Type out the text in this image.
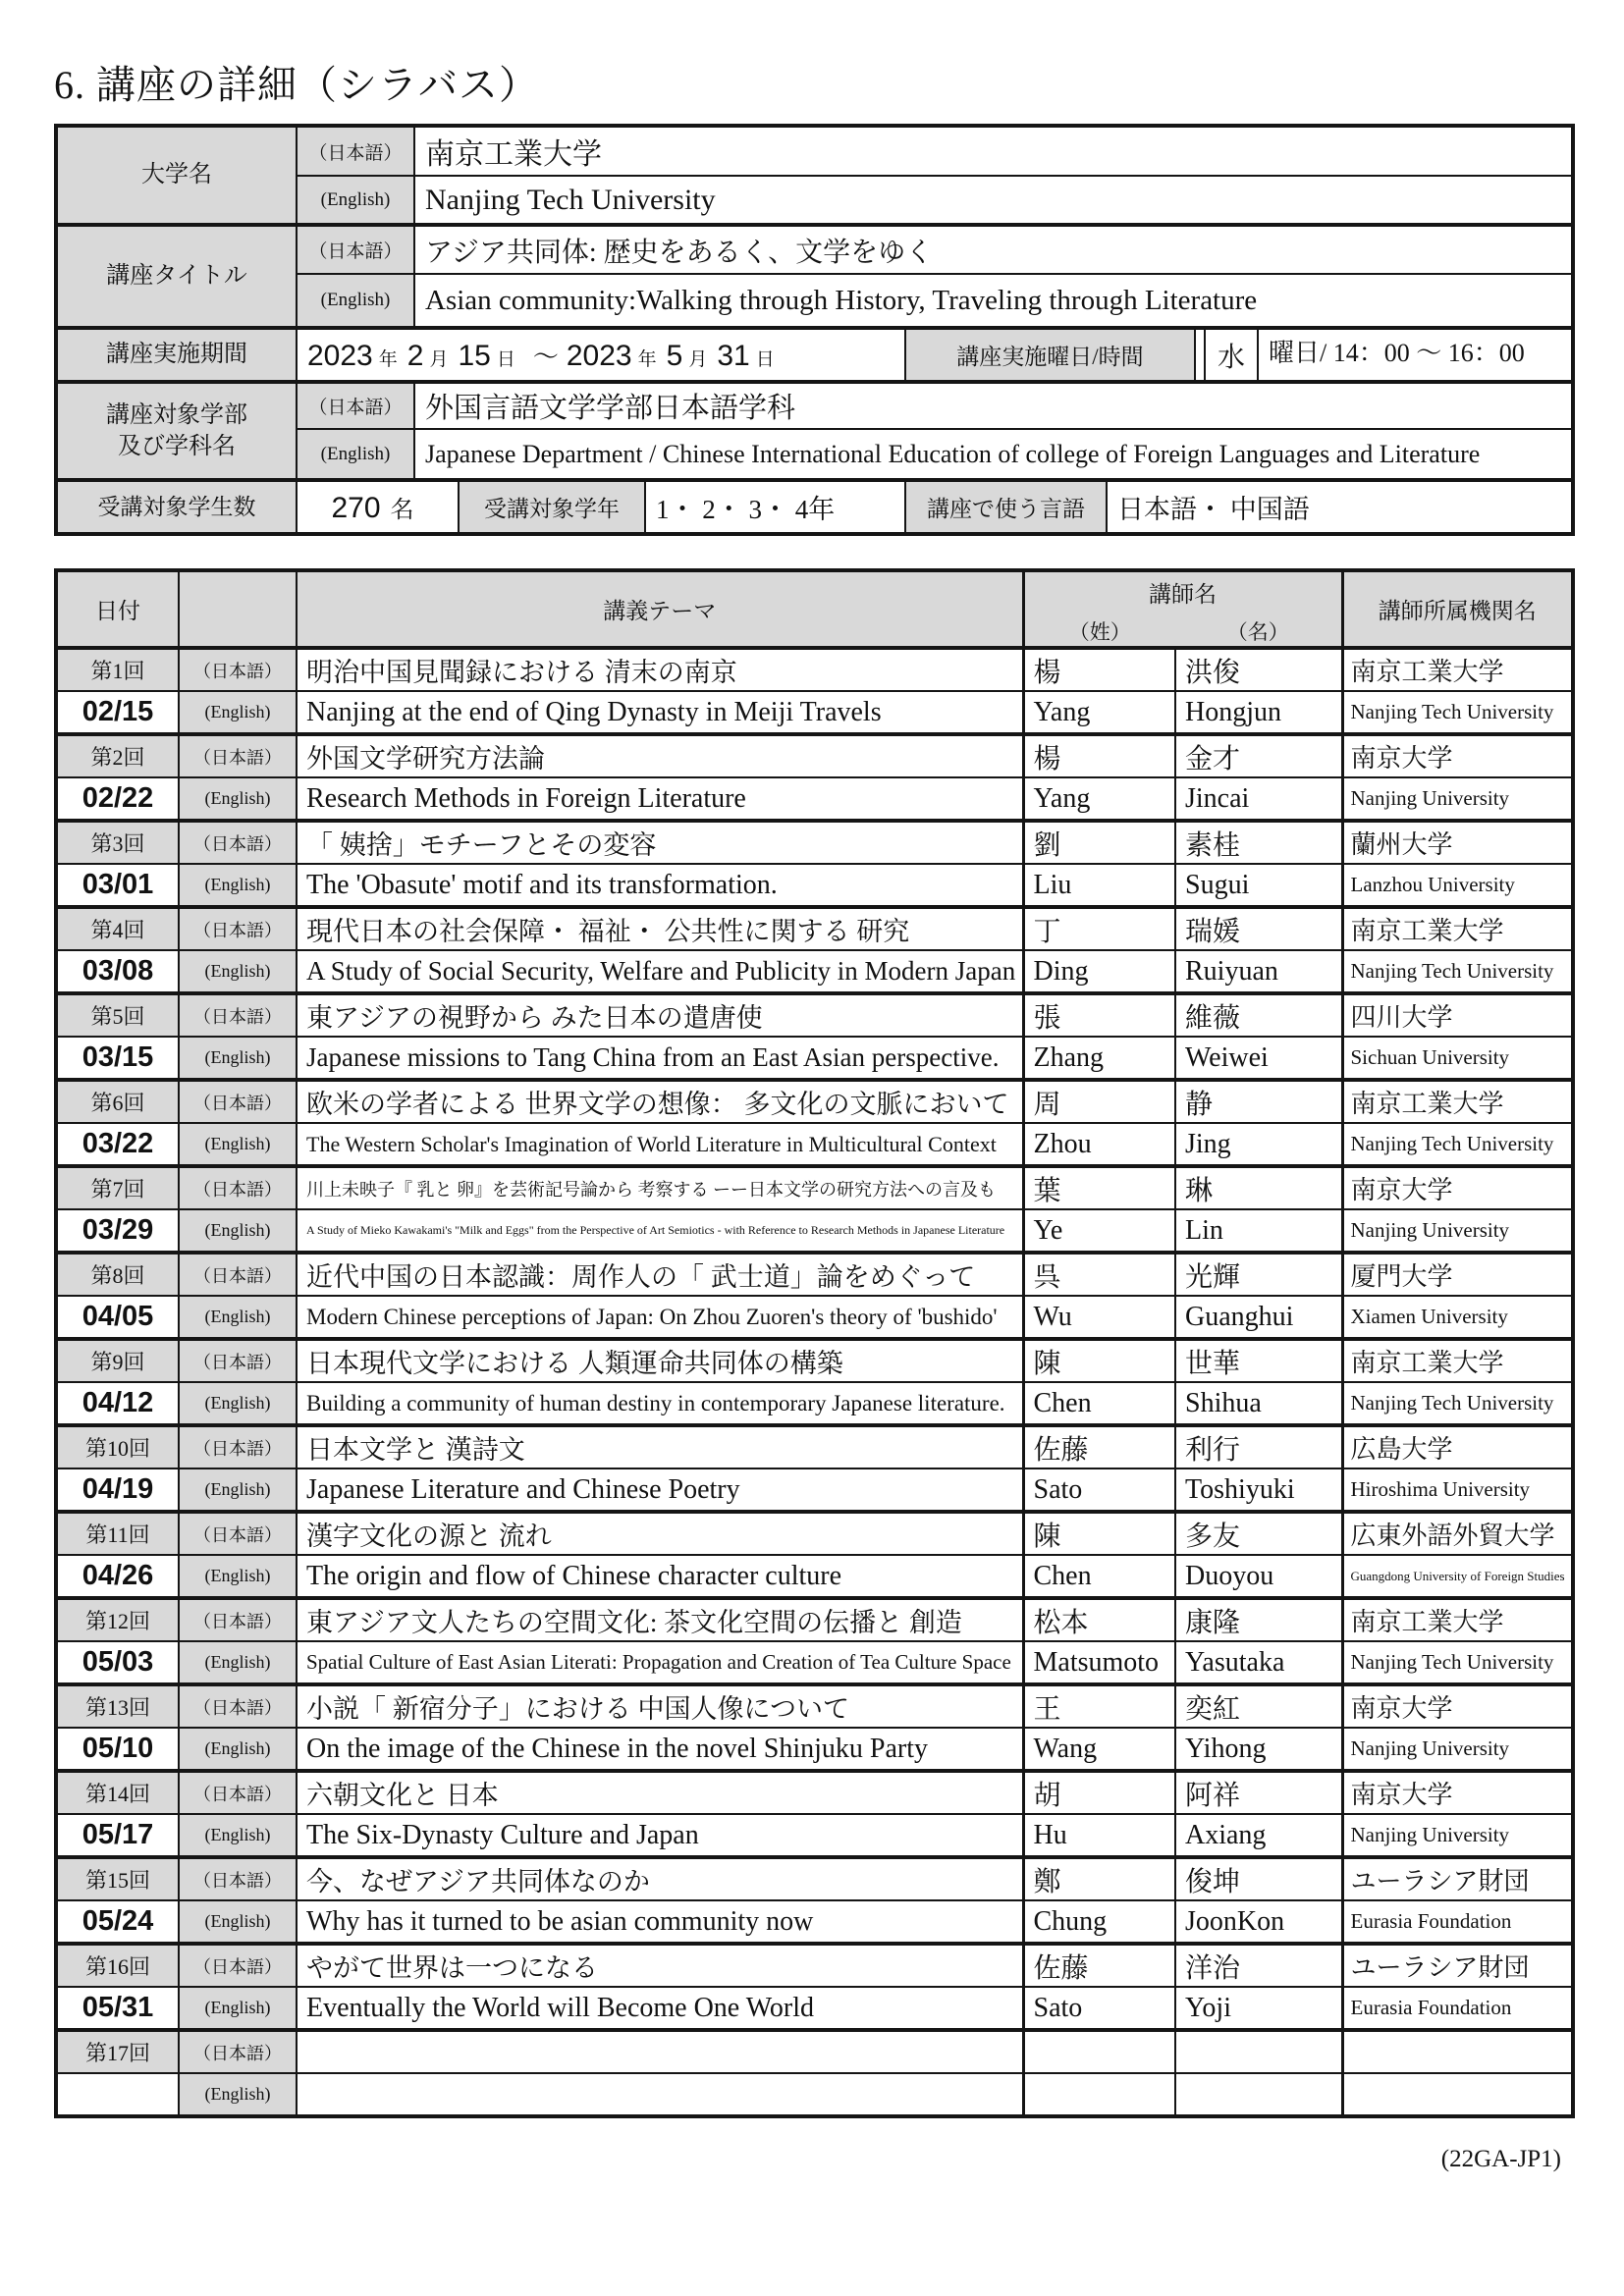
6. 講座の詳細（シラバス）
大学名	（日本語）	南京工業大学					
	(English)	Nanjing Tech University					
講座タイトル	（日本語）	アジア共同体: 歴史をあるく、文学をゆく					
	(English)	Asian community:Walking through History, Traveling through Literature					
講座実施期間	2023 年 2 月 15 日 ～ 2023 年 5 月 31 日				講座実施曜日/時間		水 曜日/ 14：00 ～ 16：00

講座対象学部
及び学科名	（日本語）	外国言語文学学部日本語学科					
	(English)	Japanese Department / Chinese International Education of college of Foreign Languages and Literature					
受講対象学生数	270 名		受講対象学年	1・ 2・ 3・ 4年	講座で使う言語	日本語・ 中国語	
日付		講義テーマ	講師名
（姓） （名）		講師所属機関名
第1回	（日本語）	明治中国見聞録における 清末の南京	楊	洪俊	南京工業大学
02/15	(English)	Nanjing at the end of Qing Dynasty in Meiji Travels	Yang	Hongjun	Nanjing Tech University
第2回	（日本語）	外国文学研究方法論	楊	金才	南京大学
02/22	(English)	Research Methods in Foreign Literature	Yang	Jincai	Nanjing University
第3回	（日本語）	「 姨捨」モチーフとその変容	劉	素桂	蘭州大学
03/01	(English)	The 'Obasute' motif and its transformation.	Liu	Sugui	Lanzhou University
第4回	（日本語）	現代日本の社会保障・ 福祉・ 公共性に関する 研究	丁	瑞媛	南京工業大学
03/08	(English)	A Study of Social Security, Welfare and Publicity in Modern Japan	Ding	Ruiyuan	Nanjing Tech University
第5回	（日本語）	東アジアの視野から みた日本の遣唐使	張	維薇	四川大学
03/15	(English)	Japanese missions to Tang China from an East Asian perspective.	Zhang	Weiwei	Sichuan University
第6回	（日本語）	欧米の学者による 世界文学の想像： 多文化の文脈において	周	静	南京工業大学
03/22	(English)	The Western Scholar's Imagination of World Literature in Multicultural Context	Zhou	Jing	Nanjing Tech University
第7回	（日本語）	川上未映子『 乳と 卵』を芸術記号論から 考察する ーー日本文学の研究方法への言及も	葉	琳	南京大学
03/29	(English)	A Study of Mieko Kawakami's "Milk and Eggs" from the Perspective of Art Semiotics - with Reference to Research Methods in Japanese Literature	Ye	Lin	Nanjing University
第8回	（日本語）	近代中国の日本認識：周作人の「 武士道」論をめぐって	呉	光輝	厦門大学
04/05	(English)	Modern Chinese perceptions of Japan: On Zhou Zuoren's theory of 'bushido'	Wu	Guanghui	Xiamen University
第9回	（日本語）	日本現代文学における 人類運命共同体の構築	陳	世華	南京工業大学
04/12	(English)	Building a community of human destiny in contemporary Japanese literature.	Chen	Shihua	Nanjing Tech University
第10回	（日本語）	日本文学と 漢詩文	佐藤	利行	広島大学
04/19	(English)	Japanese Literature and Chinese Poetry	Sato	Toshiyuki	Hiroshima University
第11回	（日本語）	漢字文化の源と 流れ	陳	多友	広東外語外貿大学
04/26	(English)	The origin and flow of Chinese character culture	Chen	Duoyou	Guangdong University of Foreign Studies
第12回	（日本語）	東アジア文人たちの空間文化: 茶文化空間の伝播と 創造	松本	康隆	南京工業大学
05/03	(English)	Spatial Culture of East Asian Literati: Propagation and Creation of Tea Culture Space	Matsumoto	Yasutaka	Nanjing Tech University
第13回	（日本語）	小説「 新宿分子」における 中国人像について	王	奕紅	南京大学
05/10	(English)	On the image of the Chinese in the novel Shinjuku Party	Wang	Yihong	Nanjing University
第14回	（日本語）	六朝文化と 日本	胡	阿祥	南京大学
05/17	(English)	The Six-Dynasty Culture and Japan	Hu	Axiang	Nanjing University
第15回	（日本語）	今、なぜアジア共同体なのか	鄭	俊坤	ユーラシア財団
05/24	(English)	Why has it turned to be asian community now	Chung	JoonKon	Eurasia Foundation
第16回	（日本語）	やがて世界は一つになる	佐藤	洋治	ユーラシア財団
05/31	(English)	Eventually the World will Become One World	Sato	Yoji	Eurasia Foundation
第17回	（日本語）				
	(English)				
(22GA-JP1)
